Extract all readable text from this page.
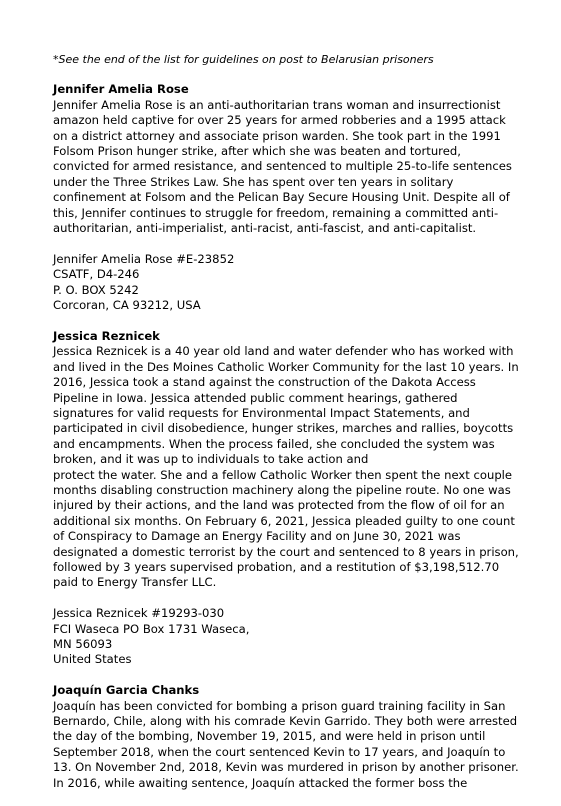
*See the end of the list for guidelines on post to Belarusian prisoners

Jennifer Amelia Rose

Jennifer Amelia Rose is an anti-authoritarian trans woman and insurrectionist
amazon held captive for over 25 years for armed robberies and a 1995 attack
on a district attorney and associate prison warden. She took part in the 1991
Folsom Prison hunger strike, after which she was beaten and tortured,
convicted for armed resistance, and sentenced to multiple 25-to-life sentences
under the Three Strikes Law. She has spent over ten years in solitary
confinement at Folsom and the Pelican Bay Secure Housing Unit. Despite all of
this, Jennifer continues to struggle for freedom, remaining a committed anti-
authoritarian, anti-imperialist, anti-racist, anti-fascist, and anti-capitalist.

Jennifer Amelia Rose #E-23852
CSATF, D4-246
P. O. BOX 5242
Corcoran, CA 93212, USA

Jessica Reznicek

Jessica Reznicek is a 40 year old land and water defender who has worked with
and lived in the Des Moines Catholic Worker Community for the last 10 years. In
2016, Jessica took a stand against the construction of the Dakota Access
Pipeline in Iowa. Jessica attended public comment hearings, gathered
signatures for valid requests for Environmental Impact Statements, and
participated in civil disobedience, hunger strikes, marches and rallies, boycotts
and encampments. When the process failed, she concluded the system was
broken, and it was up to individuals to take action and
protect the water. She and a fellow Catholic Worker then spent the next couple
months disabling construction machinery along the pipeline route. No one was
injured by their actions, and the land was protected from the flow of oil for an
additional six months. On February 6, 2021, Jessica pleaded guilty to one count
of Conspiracy to Damage an Energy Facility and on June 30, 2021 was
designated a domestic terrorist by the court and sentenced to 8 years in prison,
followed by 3 years supervised probation, and a restitution of $3,198,512.70
paid to Energy Transfer LLC.

Jessica Reznicek #19293-030
FCI Waseca PO Box 1731 Waseca,
MN 56093
United States

Joaquín Garcia Chanks

Joaquín has been convicted for bombing a prison guard training facility in San
Bernardo, Chile, along with his comrade Kevin Garrido. They both were arrested
the day of the bombing, November 19, 2015, and were held in prison until
September 2018, when the court sentenced Kevin to 17 years, and Joaquín to
13. On November 2nd, 2018, Kevin was murdered in prison by another prisoner.
In 2016, while awaiting sentence, Joaquín attacked the former boss the
